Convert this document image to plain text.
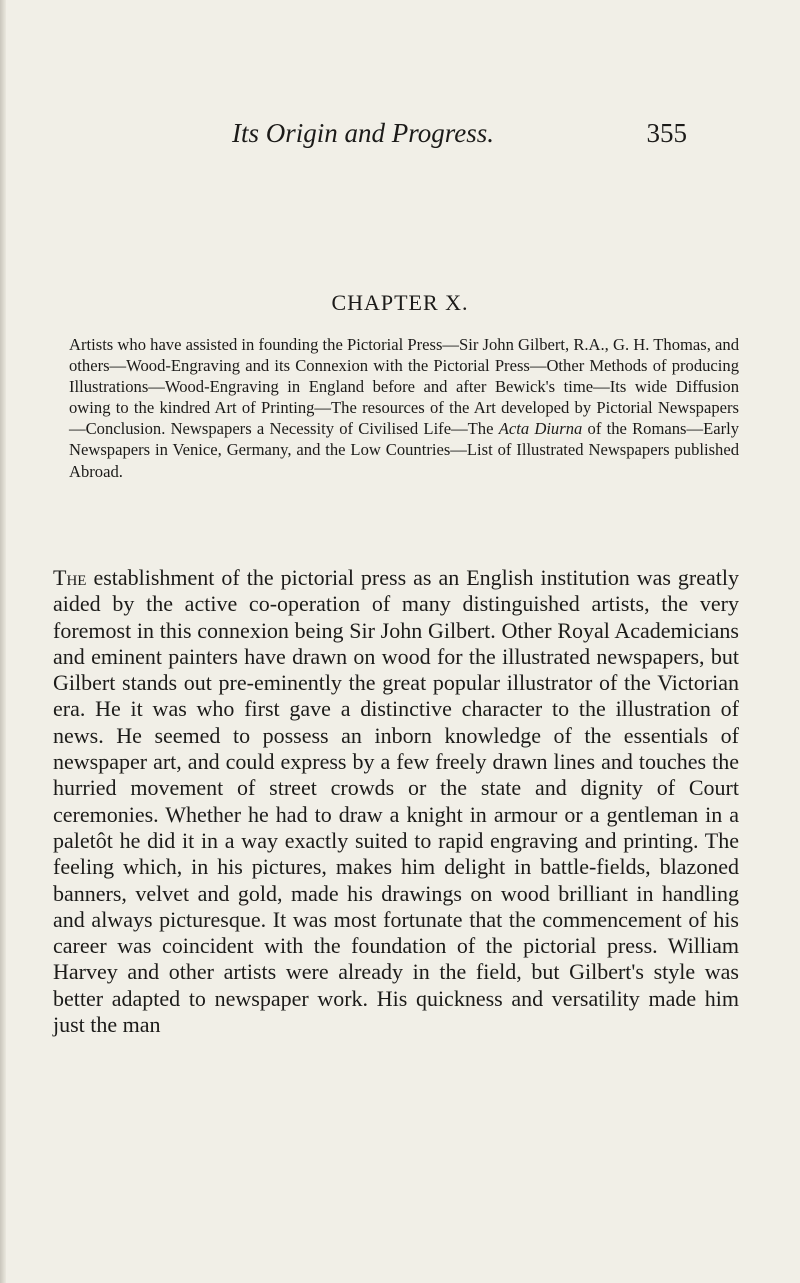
Its Origin and Progress.	355
CHAPTER X.

Artists who have assisted in founding the Pictorial Press—Sir John Gilbert, R.A., G. H. Thomas, and others—Wood-Engraving and its Connexion with the Pictorial Press—Other Methods of producing Illustrations—Wood-Engraving in England before and after Bewick's time—Its wide Diffusion owing to the kindred Art of Printing—The resources of the Art developed by Pictorial Newspapers—Conclusion. Newspapers a Necessity of Civilised Life—The Acta Diurna of the Romans—Early Newspapers in Venice, Germany, and the Low Countries—List of Illustrated Newspapers published Abroad.

The establishment of the pictorial press as an English institution was greatly aided by the active co-operation of many distinguished artists, the very foremost in this connexion being Sir John Gilbert. Other Royal Academicians and eminent painters have drawn on wood for the illustrated newspapers, but Gilbert stands out pre-eminently the great popular illustrator of the Victorian era. He it was who first gave a distinctive character to the illustration of news. He seemed to possess an inborn knowledge of the essentials of newspaper art, and could express by a few freely drawn lines and touches the hurried movement of street crowds or the state and dignity of Court ceremonies. Whether he had to draw a knight in armour or a gentleman in a paletôt he did it in a way exactly suited to rapid engraving and printing. The feeling which, in his pictures, makes him delight in battle-fields, blazoned banners, velvet and gold, made his drawings on wood brilliant in handling and always picturesque. It was most fortunate that the commencement of his career was coincident with the foundation of the pictorial press. William Harvey and other artists were already in the field, but Gilbert's style was better adapted to newspaper work. His quickness and versatility made him just the man
